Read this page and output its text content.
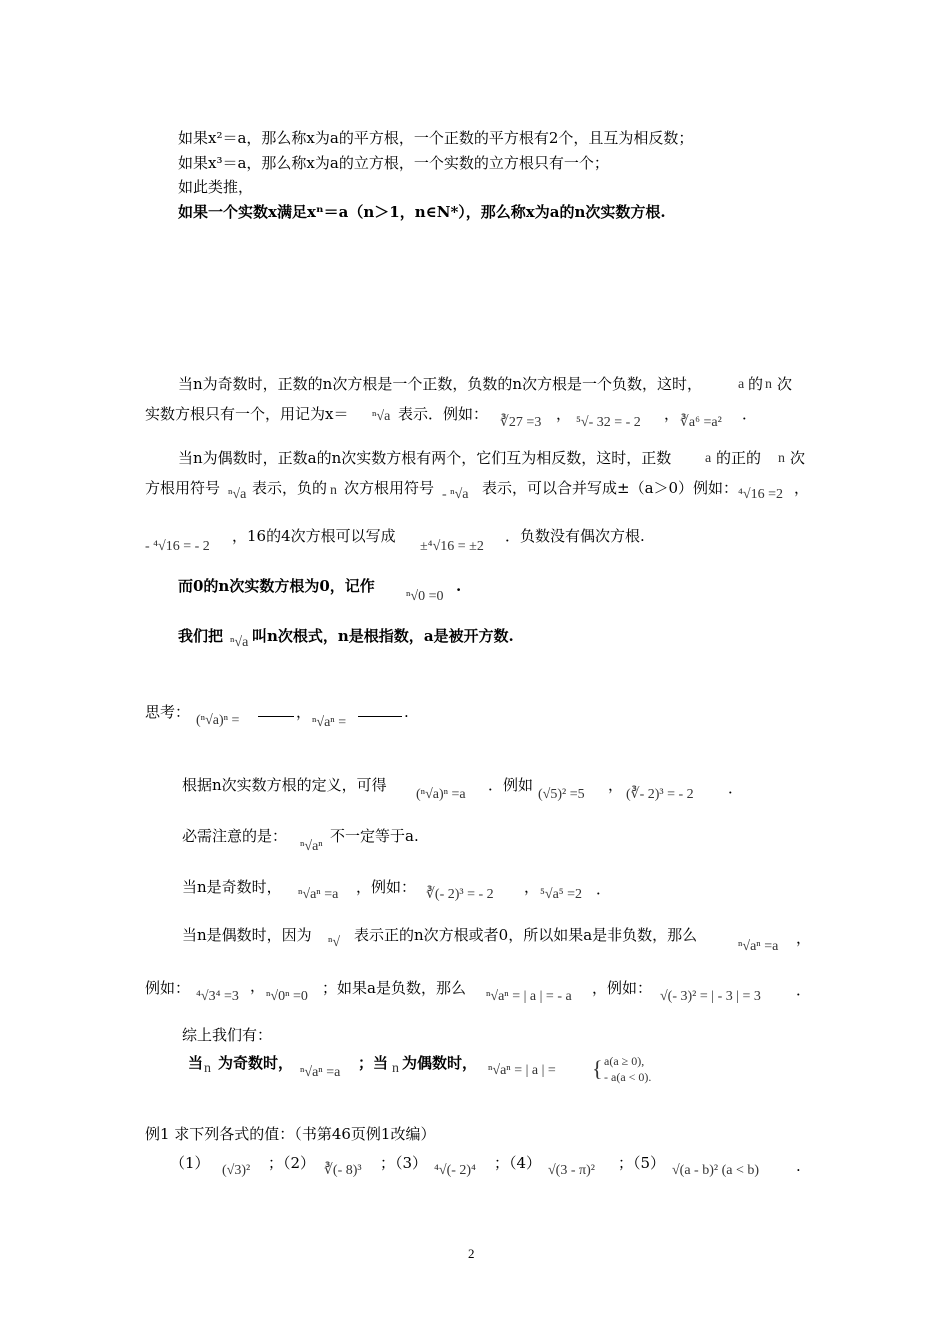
如果x²＝a，那么称x为a的平方根，一个正数的平方根有2个，且互为相反数；
如果x³＝a，那么称x为a的立方根，一个实数的立方根只有一个；
如此类推，
如果一个实数x满足xⁿ＝a（n＞1，n∈N*），那么称x为a的n次实数方根.
当n为奇数时，正数的n次方根是一个正数，负数的n次方根是一个负数，这时，	a 的 n 次
实数方根只有一个，用记为x＝ ⁿ√a 表示．例如： ∛27 =3 ， ⁵√- 32 = - 2 ， ∛a⁶ =a² ．
当n为偶数时，正数a的n次实数方根有两个，它们互为相反数，这时，正数 a 的正的 n 次
方根用符号 ⁿ√a 表示，负的 n 次方根用符号 - ⁿ√a 表示，可以合并写成±（a＞0）例如： ⁴√16 =2 ，
- ⁴√16 = - 2
，16的4次方根可以写成
±⁴√16 = ±2
．负数没有偶次方根.
而0的n次实数方根为0，记作
ⁿ√0 =0
.
我们把 ⁿ√a 叫n次根式，n是根指数，a是被开方数.
思考： (ⁿ√a)ⁿ =	，
ⁿ√aⁿ =
.
根据n次实数方根的定义，可得
(ⁿ√a)ⁿ =a
．例如
(√5)² =5
，
(∛- 2)³ = - 2 ．
必需注意的是：
ⁿ√aⁿ
不一定等于a.
当n是奇数时， ⁿ√aⁿ =a ，例如： ∛(- 2)³ = - 2 ， ⁵√a⁵ =2 ．
当n是偶数时，因为 ⁿ√ 表示正的n次方根或者0，所以如果a是非负数，那么
ⁿ√aⁿ =a ，
例如： ⁴√3⁴ =3
，
ⁿ√0ⁿ =0 ；如果a是负数，那么 ⁿ√aⁿ = | a | = - a ，例如： √(- 3)² = | - 3 | = 3 ．
综上我们有：
当 n 为奇数时，
ⁿ√aⁿ =a
；当 n 为偶数时， ⁿ√aⁿ = | a | = { a(a ≥ 0),
- a(a < 0).
例1 求下列各式的值：（书第46页例1改编）
（1） (√3)² ；（2） ∛(- 8)³ ；（3） ⁴√(- 2)⁴ ；（4） √(3 - π)² ；（5） √(a - b)² (a < b) .
2
